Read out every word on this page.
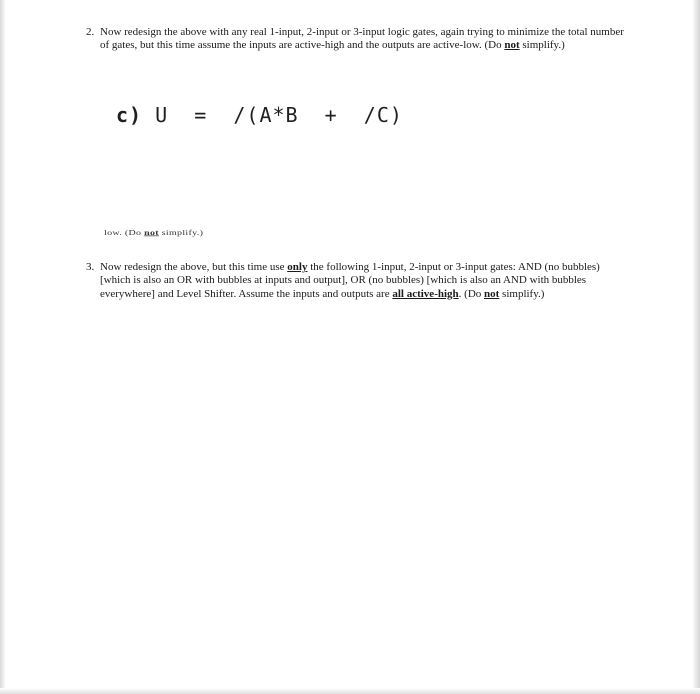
2. Now redesign the above with any real 1-input, 2-input or 3-input logic gates, again trying to minimize the total number of gates, but this time assume the inputs are active-high and the outputs are active-low. (Do not simplify.)
c) U  =  /(A*B  +  /C)
low. (Do not simplify.)
3. Now redesign the above, but this time use only the following 1-input, 2-input or 3-input gates: AND (no bubbles) [which is also an OR with bubbles at inputs and output], OR (no bubbles) [which is also an AND with bubbles everywhere] and Level Shifter. Assume the inputs and outputs are all active-high. (Do not simplify.)
